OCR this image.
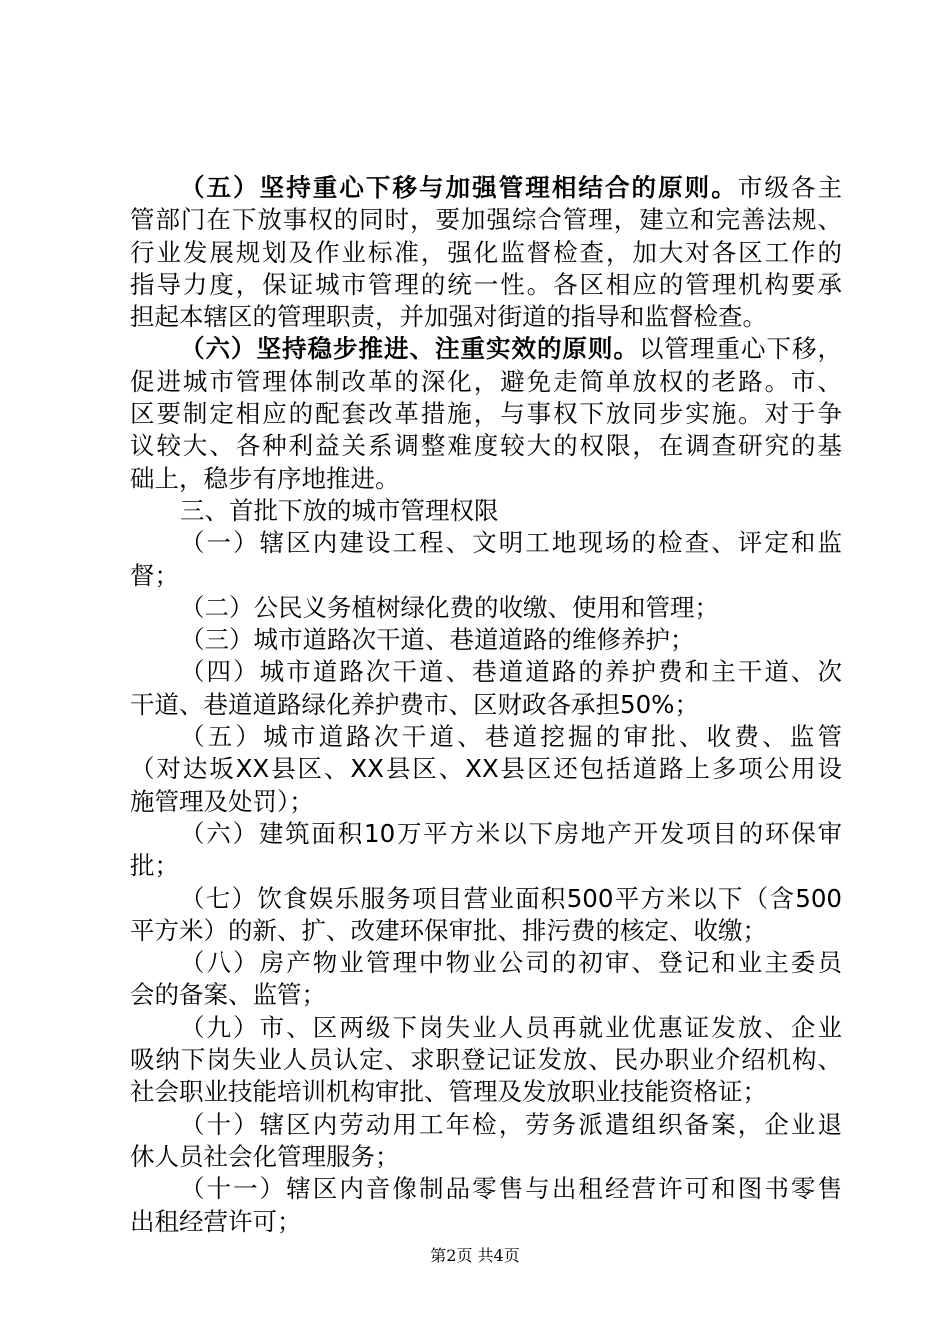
（五）坚持重心下移与加强管理相结合的原则。市级各主
管部门在下放事权的同时，要加强综合管理，建立和完善法规、
行业发展规划及作业标准，强化监督检查，加大对各区工作的
指导力度，保证城市管理的统一性。各区相应的管理机构要承
担起本辖区的管理职责，并加强对街道的指导和监督检查。
（六）坚持稳步推进、注重实效的原则。以管理重心下移，
促进城市管理体制改革的深化，避免走简单放权的老路。市、
区要制定相应的配套改革措施，与事权下放同步实施。对于争
议较大、各种利益关系调整难度较大的权限，在调查研究的基
础上，稳步有序地推进。
三、首批下放的城市管理权限
（一）辖区内建设工程、文明工地现场的检查、评定和监
督；
（二）公民义务植树绿化费的收缴、使用和管理；
（三）城市道路次干道、巷道道路的维修养护；
（四）城市道路次干道、巷道道路的养护费和主干道、次
干道、巷道道路绿化养护费市、区财政各承担50%；
（五）城市道路次干道、巷道挖掘的审批、收费、监管
（对达坂XX县区、XX县区、XX县区还包括道路上多项公用设
施管理及处罚）；
（六）建筑面积10万平方米以下房地产开发项目的环保审
批；
（七）饮食娱乐服务项目营业面积500平方米以下（含500
平方米）的新、扩、改建环保审批、排污费的核定、收缴；
（八）房产物业管理中物业公司的初审、登记和业主委员
会的备案、监管；
（九）市、区两级下岗失业人员再就业优惠证发放、企业
吸纳下岗失业人员认定、求职登记证发放、民办职业介绍机构、
社会职业技能培训机构审批、管理及发放职业技能资格证；
（十）辖区内劳动用工年检，劳务派遣组织备案，企业退
休人员社会化管理服务；
（十一）辖区内音像制品零售与出租经营许可和图书零售
出租经营许可；
第2页 共4页
